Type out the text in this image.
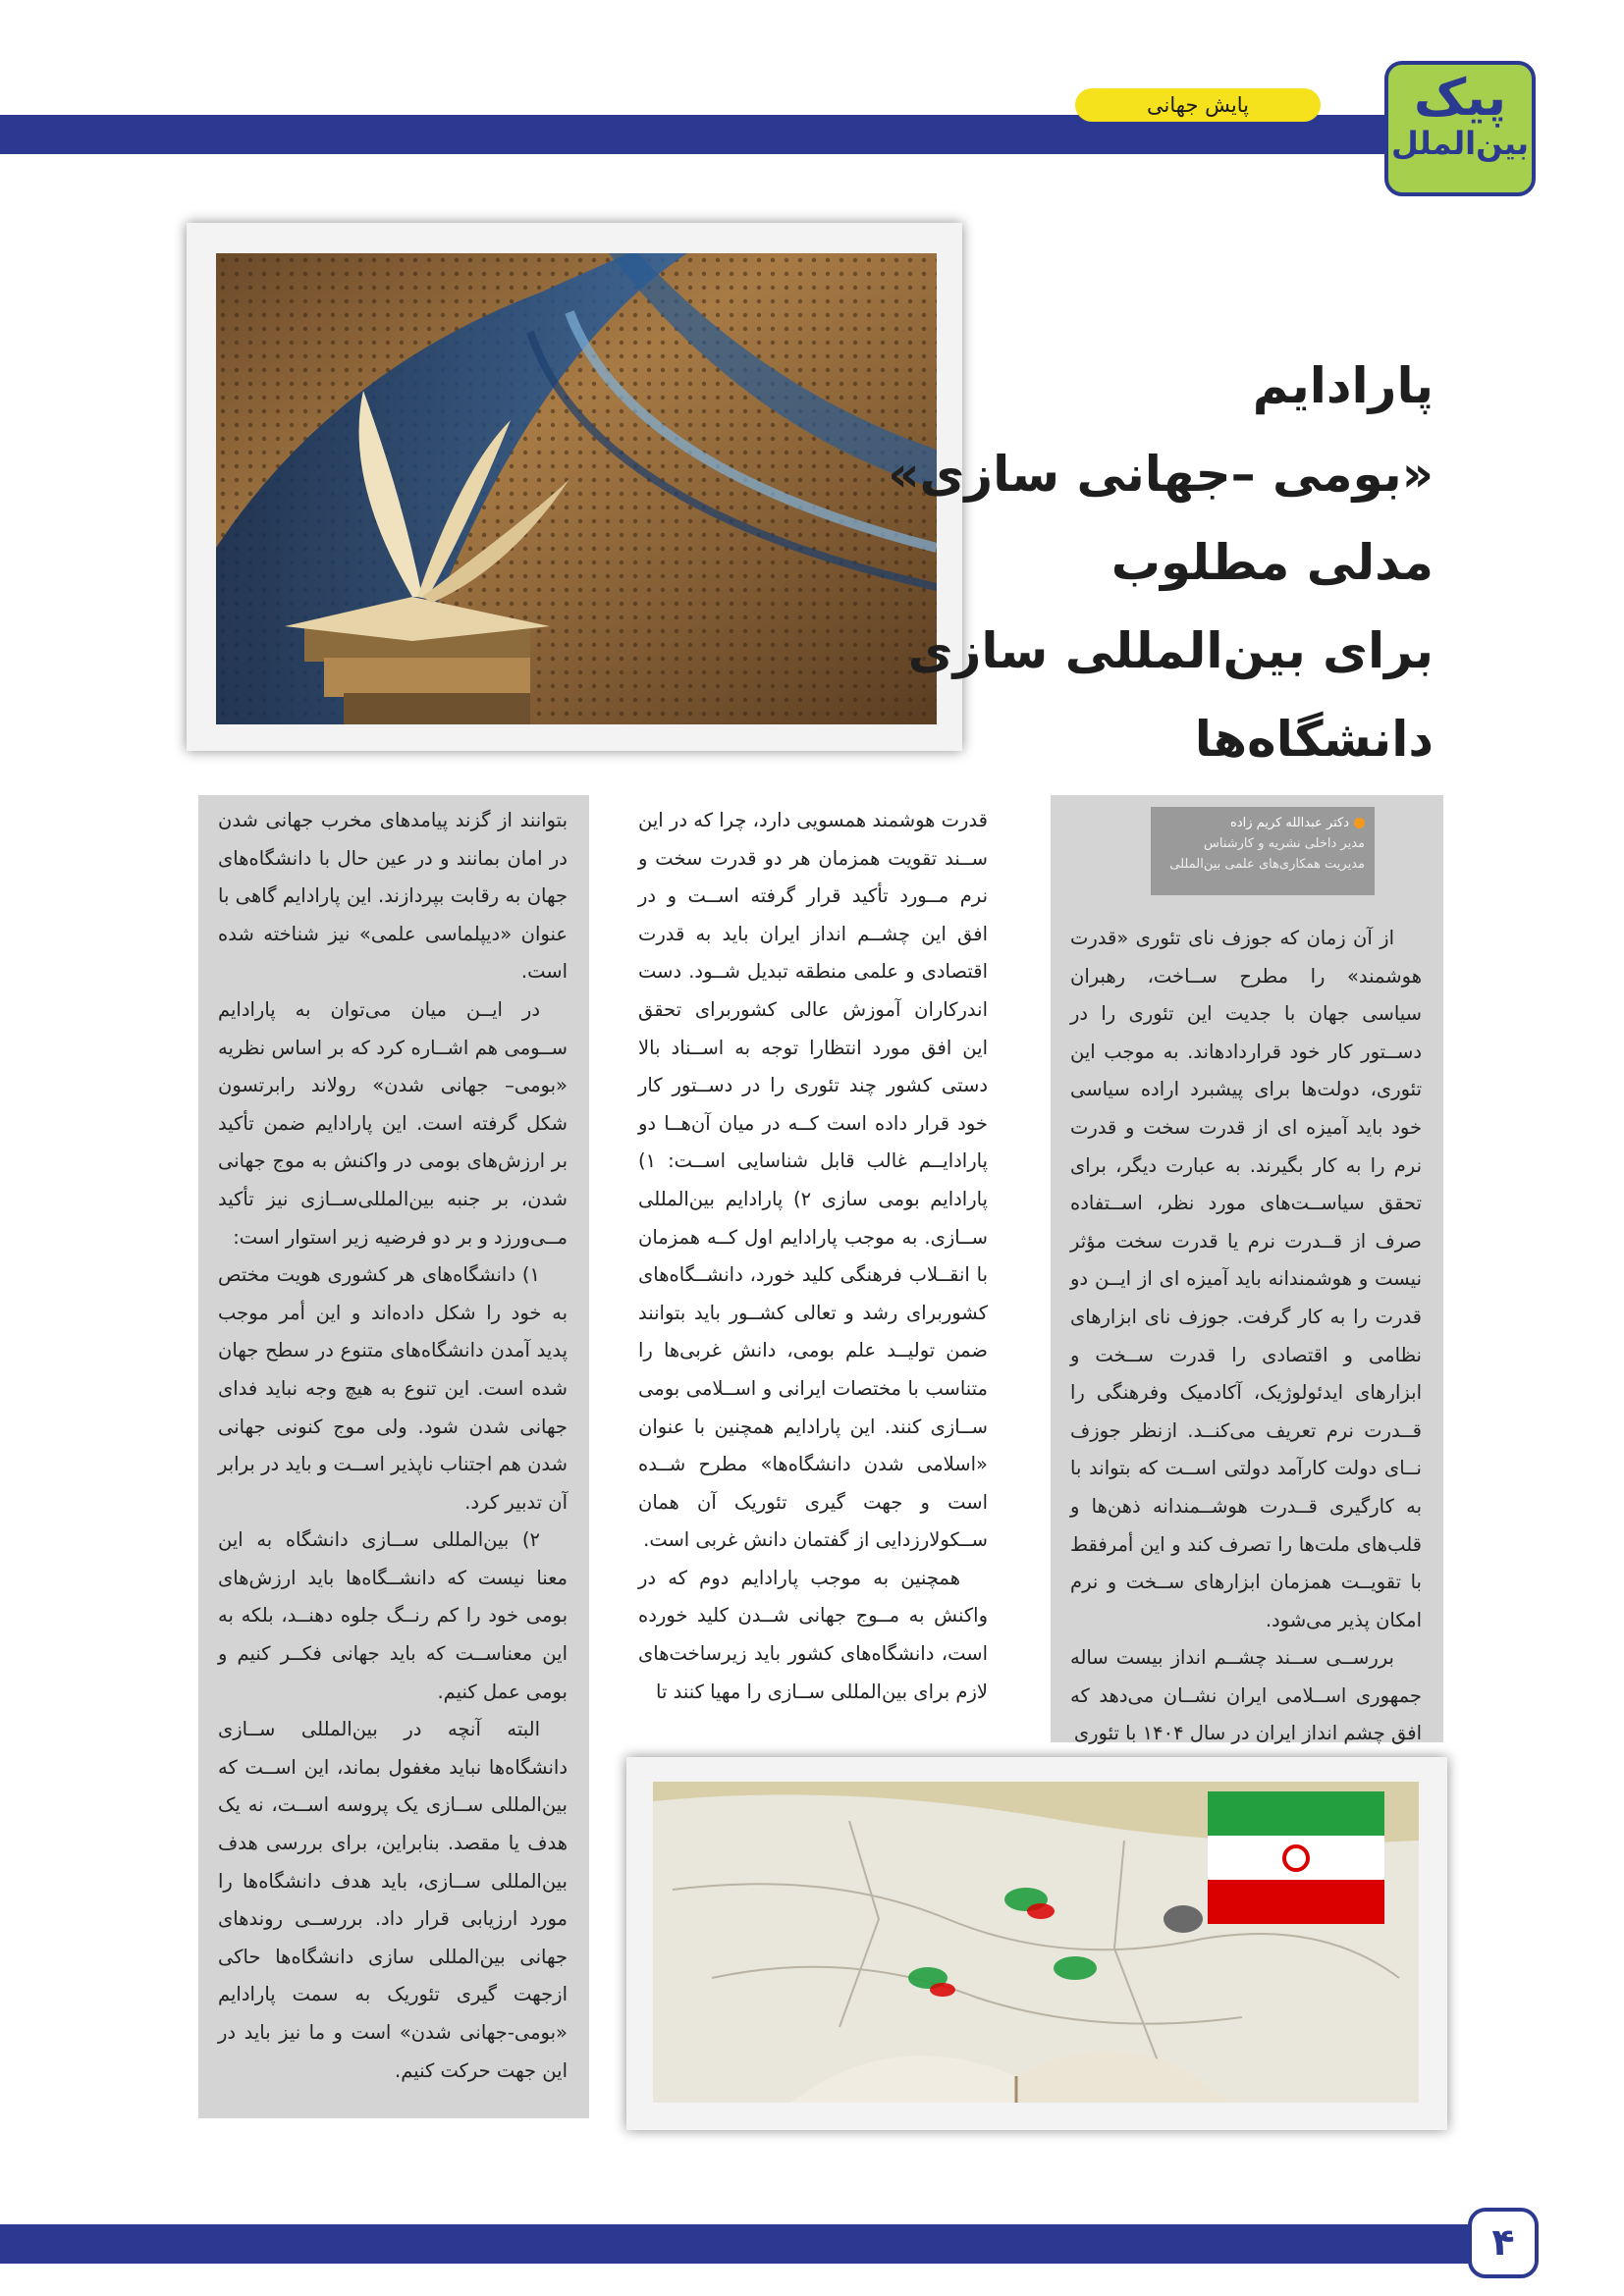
پایش جهانی	پیک
بین‌الملل
پارادایم
«بومی –جهانی سازی»
مدلی مطلوب
برای بین‌المللی سازی
دانشگاه‌ها
دکتر عبدالله کریم زاده
مدیر داخلی نشریه و کارشناس
مدیریت همکاری‌های علمی بین‌المللی

از آن زمان که جوزف نای تئوری «قدرت هوشمند» را مطرح ســاخت، رهبران سیاسی جهان با جدیت این تئوری را در دســتور کار خود قراردادهاند. به موجب این تئوری، دولت‌ها برای پیشبرد اراده سیاسی خود باید آمیزه ای از قدرت سخت و قدرت نرم را به کار بگیرند. به عبارت دیگر، برای تحقق سیاســت‌های مورد نظر، اســتفاده صرف از قــدرت نرم یا قدرت سخت مؤثر نیست و هوشمندانه باید آمیزه ای از ایــن دو قدرت را به کار گرفت. جوزف نای ابزارهای نظامی و اقتصادی را قدرت ســخت و ابزارهای ایدئولوژیک، آکادمیک وفرهنگی را قــدرت نرم تعریف می‌کنــد. ازنظر جوزف نــای دولت کارآمد دولتی اســت که بتواند با به کارگیری قــدرت هوشــمندانه ذهن‌ها و قلب‌های ملت‌ها را تصرف کند و این أمرفقط با تقویــت همزمان ابزارهای ســخت و نرم امکان پذیر می‌شود.

بررســی ســند چشــم انداز بیست ساله جمهوری اســلامی ایران نشــان می‌دهد که افق چشم انداز ایران در سال ۱۴۰۴ با تئوری

قدرت هوشمند همسویی دارد، چرا که در این ســند تقویت همزمان هر دو قدرت سخت و نرم مــورد تأکید قرار گرفته اســت و در افق این چشــم انداز ایران باید به قدرت اقتصادی و علمی منطقه تبدیل شــود. دست اندرکاران آموزش عالی کشوربرای تحقق این افق مورد انتظارا توجه به اســناد بالا دستی کشور چند تئوری را در دســتور کار خود قرار داده است کــه در میان آن‌هــا دو پارادایــم غالب قابل شناسایی اســت: ۱) پارادایم بومی سازی ۲) پارادایم بین‌المللی ســازی. به موجب پارادایم اول کــه همزمان با انقــلاب فرهنگی کلید خورد، دانشــگاه‌های کشوربرای رشد و تعالی کشــور باید بتوانند ضمن تولیــد علم بومی، دانش غربی‌ها را متناسب با مختصات ایرانی و اســلامی بومی ســازی کنند. این پارادایم همچنین با عنوان «اسلامی شدن دانشگاه‌ها» مطرح شــده است و جهت گیری تئوریک آن همان ســکولارزدایی از گفتمان دانش غربی است.

همچنین به موجب پارادایم دوم که در واکنش به مــوج جهانی شــدن کلید خورده است، دانشگاه‌های کشور باید زیرساخت‌های لازم برای بین‌المللی ســازی را مهیا کنند تا

بتوانند از گزند پیامدهای مخرب جهانی شدن در امان بمانند و در عین حال با دانشگاه‌های جهان به رقابت بپردازند. این پارادایم گاهی با عنوان «دیپلماسی علمی» نیز شناخته شده است.

در ایــن میان می‌توان به پارادایم ســومی هم اشــاره کرد که بر اساس نظریه «بومی– جهانی شدن» رولاند رابرتسون شکل گرفته است. این پارادایم ضمن تأکید بر ارزش‌های بومی در واکنش به موج جهانی شدن، بر جنبه بین‌المللی‌ســازی نیز تأکید مــی‌ورزد و بر دو فرضیه زیر استوار است:

۱) دانشگاه‌های هر کشوری هویت مختص به خود را شکل داده‌اند و این أمر موجب پدید آمدن دانشگاه‌های متنوع در سطح جهان شده است. این تنوع به هیچ وجه نباید فدای جهانی شدن شود. ولی موج کنونی جهانی شدن هم اجتناب ناپذیر اســت و باید در برابر آن تدبیر کرد.

۲) بین‌المللی ســازی دانشگاه به این معنا نیست که دانشــگاه‌ها باید ارزش‌های بومی خود را کم رنــگ جلوه دهنــد، بلکه به این معناســت که باید جهانی فکــر کنیم و بومی عمل کنیم.

البته آنچه در بین‌المللی ســازی دانشگاه‌ها نباید مغفول بماند، این اســت که بین‌المللی ســازی یک پروسه اســت، نه یک هدف یا مقصد. بنابراین، برای بررسی هدف بین‌المللی ســازی، باید هدف دانشگاه‌ها را مورد ارزیابی قرار داد. بررســی روندهای جهانی بین‌المللی سازی دانشگاه‌ها حاکی ازجهت گیری تئوریک به سمت پارادایم «بومی-جهانی شدن» است و ما نیز باید در این جهت حرکت کنیم.

۴
